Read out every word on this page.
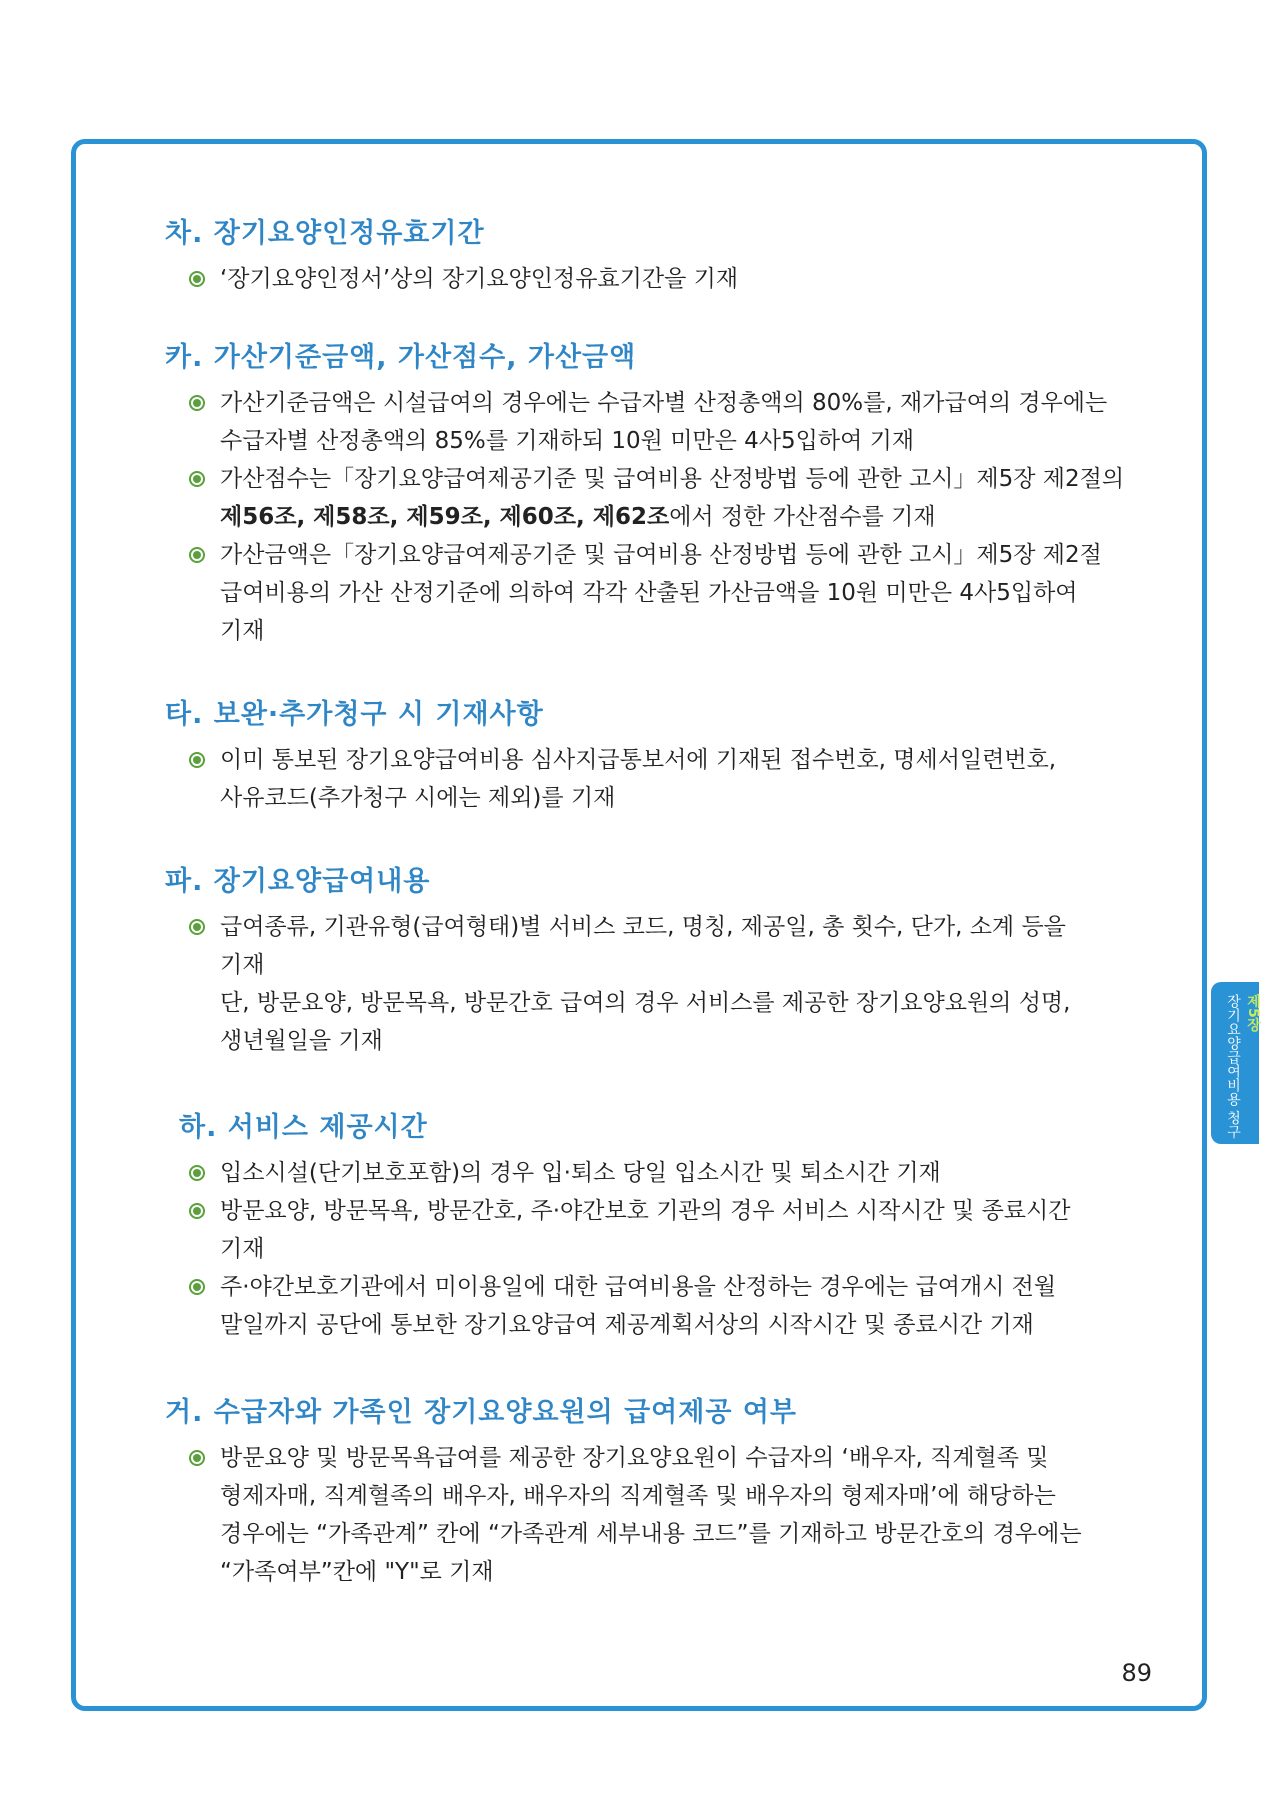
차. 장기요양인정유효기간
‘장기요양인정서’상의 장기요양인정유효기간을 기재
카. 가산기준금액, 가산점수, 가산금액
가산기준금액은 시설급여의 경우에는 수급자별 산정총액의 80%를, 재가급여의 경우에는
수급자별 산정총액의 85%를 기재하되 10원 미만은 4사5입하여 기재
가산점수는「장기요양급여제공기준 및 급여비용 산정방법 등에 관한 고시」제5장 제2절의
제56조, 제58조, 제59조, 제60조, 제62조에서 정한 가산점수를 기재
가산금액은「장기요양급여제공기준 및 급여비용 산정방법 등에 관한 고시」제5장 제2절
급여비용의 가산 산정기준에 의하여 각각 산출된 가산금액을 10원 미만은 4사5입하여
기재
타. 보완·추가청구 시 기재사항
이미 통보된 장기요양급여비용 심사지급통보서에 기재된 접수번호, 명세서일련번호,
사유코드(추가청구 시에는 제외)를 기재
파. 장기요양급여내용
급여종류, 기관유형(급여형태)별 서비스 코드, 명칭, 제공일, 총 횟수, 단가, 소계 등을
기재
단, 방문요양, 방문목욕, 방문간호 급여의 경우 서비스를 제공한 장기요양요원의 성명,
생년월일을 기재
하. 서비스 제공시간
입소시설(단기보호포함)의 경우 입·퇴소 당일 입소시간 및 퇴소시간 기재
방문요양, 방문목욕, 방문간호, 주·야간보호 기관의 경우 서비스 시작시간 및 종료시간
기재
주·야간보호기관에서 미이용일에 대한 급여비용을 산정하는 경우에는 급여개시 전월
말일까지 공단에 통보한 장기요양급여 제공계획서상의 시작시간 및 종료시간 기재
거. 수급자와 가족인 장기요양요원의 급여제공 여부
방문요양 및 방문목욕급여를 제공한 장기요양요원이 수급자의 ‘배우자, 직계혈족 및
형제자매, 직계혈족의 배우자, 배우자의 직계혈족 및 배우자의 형제자매’에 해당하는
경우에는 “가족관계” 칸에 “가족관계 세부내용 코드”를 기재하고 방문간호의 경우에는
“가족여부”칸에 "Y"로 기재
제5장
장기요양급여비용 청구
89
